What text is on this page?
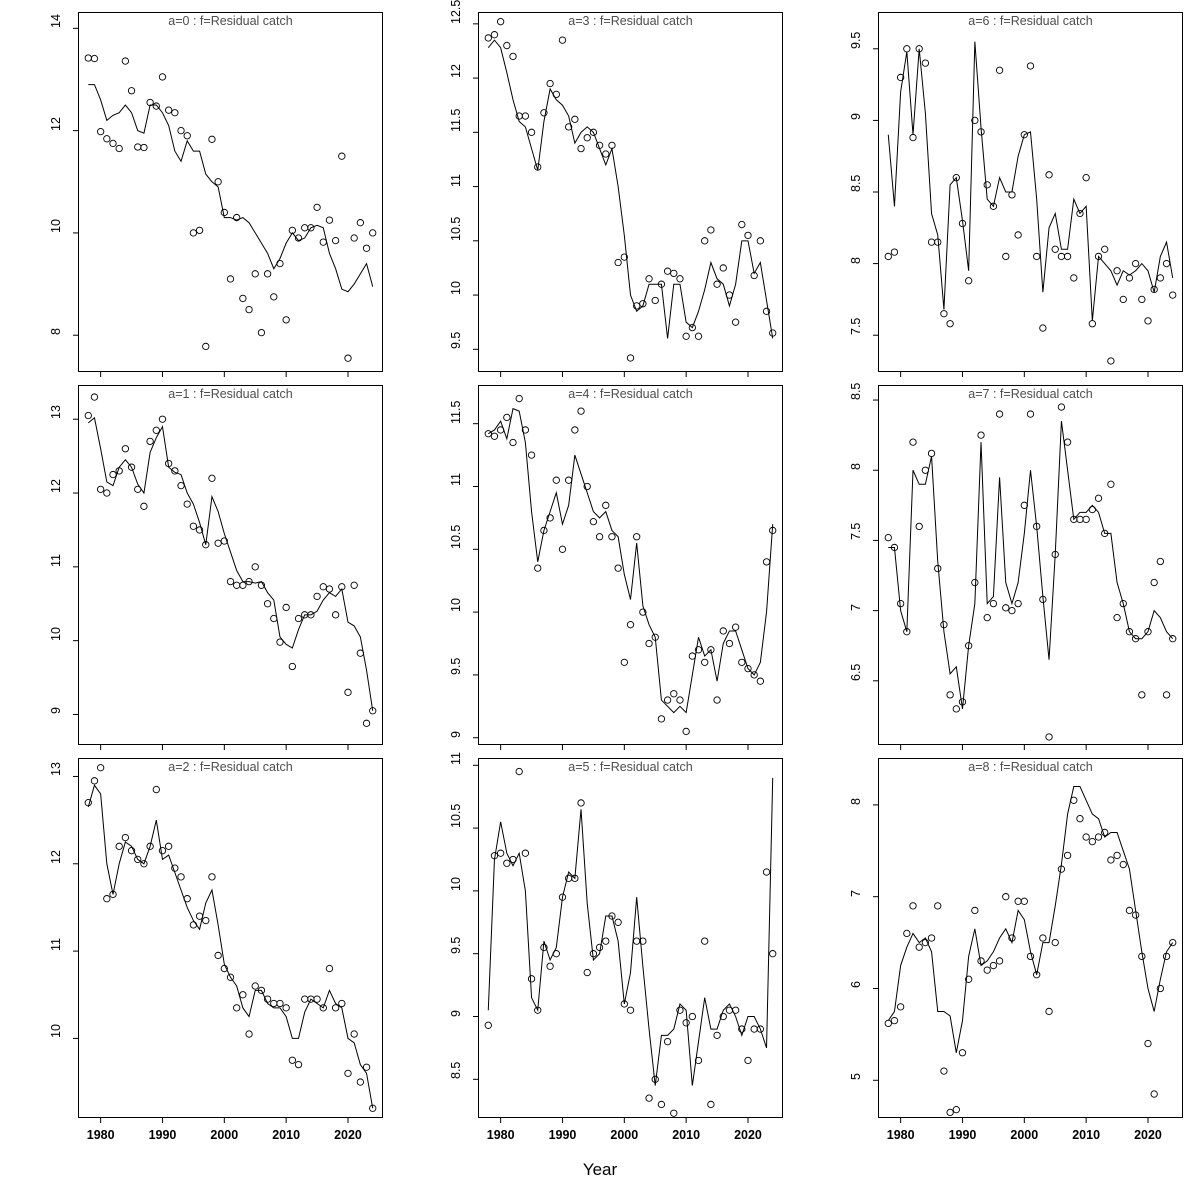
a=0 : f=Residual catch
8
10
12
14	a=3 : f=Residual catch
9.5
10
10.5
11
11.5
12
12.5	a=6 : f=Residual catch
7.5
8
8.5
9
9.5
a=1 : f=Residual catch
9
10
11
12
13
a=4 : f=Residual catch
9
9.5
10
10.5
11
11.5
a=7 : f=Residual catch
6.5
7
7.5
8
8.5
a=2 : f=Residual catch
10
11
12
13
1980	1990	2000	2010	2020
a=5 : f=Residual catch
8.5
9
9.5
10
10.5
11
1980	1990	2000	2010	2020
a=8 : f=Residual catch
5
6
7
8
1980	1990	2000	2010	2020
Year
